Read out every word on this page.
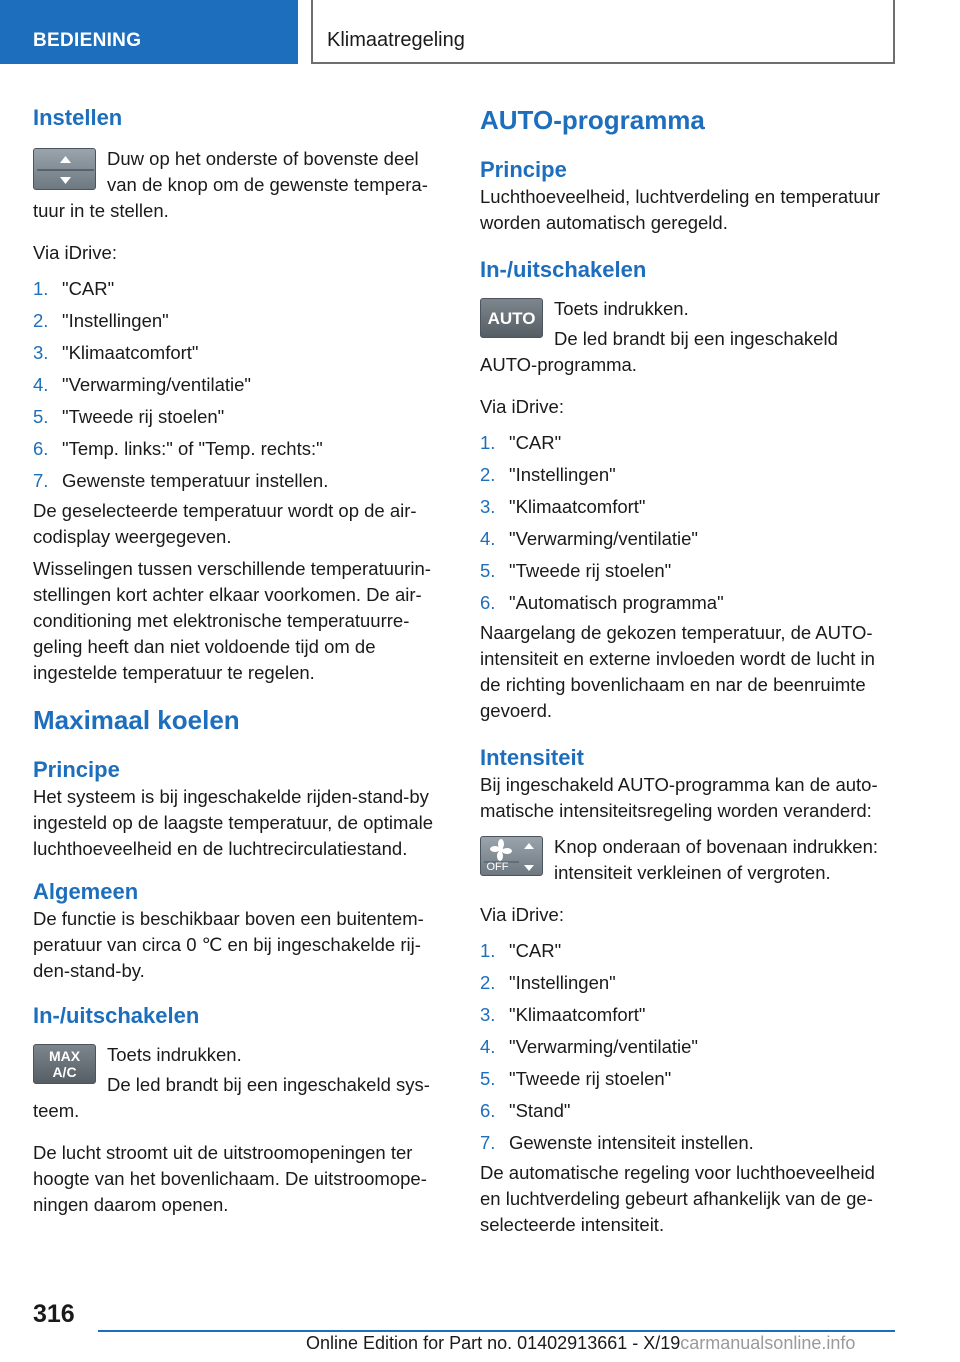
BEDIENING	Klimaatregeling
Instellen

Duw op het onderste of bovenste deel van de knop om de gewenste tempera-

tuur in te stellen.

Via iDrive:

1. "CAR"
2. "Instellingen"
3. "Klimaatcomfort"
4. "Verwarming/ventilatie"
5. "Tweede rij stoelen"
6. "Temp. links:" of "Temp. rechts:"
7. Gewenste temperatuur instellen.

De geselecteerde temperatuur wordt op de air-codisplay weergegeven.

Wisselingen tussen verschillende temperatuurin-stellingen kort achter elkaar voorkomen. De air-conditioning met elektronische temperatuurre-geling heeft dan niet voldoende tijd om de ingestelde temperatuur te regelen.

Maximaal koelen
Principe

Het systeem is bij ingeschakelde rijden-stand-by ingesteld op de laagste temperatuur, de optimale luchthoeveelheid en de luchtrecirculatiestand.

Algemeen

De functie is beschikbaar boven een buitentem-peratuur van circa 0 ℃ en bij ingeschakelde rij-den-stand-by.

In-/uitschakelen
MAX
A/C

Toets indrukken.

De led brandt bij een ingeschakeld sys-

teem.

De lucht stroomt uit de uitstroomopeningen ter hoogte van het bovenlichaam. De uitstroomope-ningen daarom openen.

AUTO-programma
Principe

Luchthoeveelheid, luchtverdeling en temperatuur worden automatisch geregeld.

In-/uitschakelen
AUTO	Toets indrukken.

De led brandt bij een ingeschakeld

AUTO-programma.

Via iDrive:

1. "CAR"
2. "Instellingen"
3. "Klimaatcomfort"
4. "Verwarming/ventilatie"
5. "Tweede rij stoelen"
6. "Automatisch programma"

Naargelang de gekozen temperatuur, de AUTO-intensiteit en externe invloeden wordt de lucht in de richting bovenlichaam en nar de beenruimte gevoerd.

Intensiteit

Bij ingeschakeld AUTO-programma kan de auto-matische intensiteitsregeling worden veranderd:

OFF

Knop onderaan of bovenaan indrukken: intensiteit verkleinen of vergroten.

Via iDrive:

1. "CAR"
2. "Instellingen"
3. "Klimaatcomfort"
4. "Verwarming/ventilatie"
5. "Tweede rij stoelen"
6. "Stand"
7. Gewenste intensiteit instellen.

De automatische regeling voor luchthoeveelheid en luchtverdeling gebeurt afhankelijk van de ge-selecteerde intensiteit.

316
Online Edition for Part no. 01402913661 - X/19carmanualsonline.info
